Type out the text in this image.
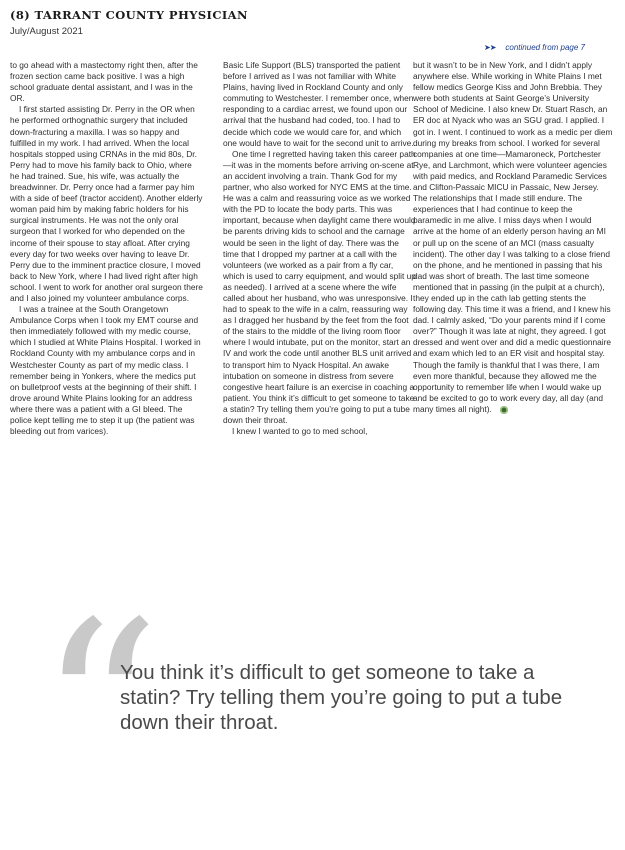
(8) TARRANT COUNTY PHYSICIAN
July/August 2021
➤➤ continued from page 7

to go ahead with a mastectomy right then, after the frozen section came back positive. I was a high school graduate dental assistant, and I was in the OR.

I first started assisting Dr. Perry in the OR when he performed orthognathic surgery that included down-fracturing a maxilla. I was so happy and fulfilled in my work. I had arrived. When the local hospitals stopped using CRNAs in the mid 80s, Dr. Perry had to move his family back to Ohio, where he had trained. Sue, his wife, was actually the breadwinner. Dr. Perry once had a farmer pay him with a side of beef (tractor accident). Another elderly woman paid him by making fabric holders for his surgical instruments. He was not the only oral surgeon that I worked for who depended on the income of their spouse to stay afloat. After crying every day for two weeks over having to leave Dr. Perry due to the imminent practice closure, I moved back to New York, where I had lived right after high school. I went to work for another oral surgeon there and I also joined my volunteer ambulance corps.

I was a trainee at the South Orangetown Ambulance Corps when I took my EMT course and then immediately followed with my medic course, which I studied at White Plains Hospital. I worked in Rockland County with my ambulance corps and in Westchester County as part of my medic class. I remember being in Yonkers, where the medics put on bulletproof vests at the beginning of their shift. I drove around White Plains looking for an address where there was a patient with a GI bleed. The police kept telling me to step it up (the patient was bleeding out from varices).

Basic Life Support (BLS) transported the patient before I arrived as I was not familiar with White Plains, having lived in Rockland County and only commuting to Westchester. I remember once, when responding to a cardiac arrest, we found upon our arrival that the husband had coded, too. I had to decide which code we would care for, and which one would have to wait for the second unit to arrive.

One time I regretted having taken this career path—it was in the moments before arriving on-scene at an accident involving a train. Thank God for my partner, who also worked for NYC EMS at the time. He was a calm and reassuring voice as we worked with the PD to locate the body parts. This was important, because when daylight came there would be parents driving kids to school and the carnage would be seen in the light of day. There was the time that I dropped my partner at a call with the volunteers (we worked as a pair from a fly car, which is used to carry equipment, and would split up as needed). I arrived at a scene where the wife called about her husband, who was unresponsive. I had to speak to the wife in a calm, reassuring way as I dragged her husband by the feet from the foot of the stairs to the middle of the living room floor where I would intubate, put on the monitor, start an IV and work the code until another BLS unit arrived to transport him to Nyack Hospital. An awake intubation on someone in distress from severe congestive heart failure is an exercise in coaching a patient. You think it’s difficult to get someone to take a statin? Try telling them you’re going to put a tube down their throat.

I knew I wanted to go to med school,

but it wasn’t to be in New York, and I didn’t apply anywhere else. While working in White Plains I met fellow medics George Kiss and John Brebbia. They were both students at Saint George’s University School of Medicine. I also knew Dr. Stuart Rasch, an ER doc at Nyack who was an SGU grad. I applied. I got in. I went. I continued to work as a medic per diem during my breaks from school. I worked for several companies at one time—Mamaroneck, Portchester Rye, and Larchmont, which were volunteer agencies with paid medics, and Rockland Paramedic Services and Clifton-Passaic MICU in Passaic, New Jersey. The relationships that I made still endure. The experiences that I had continue to keep the paramedic in me alive. I miss days when I would arrive at the home of an elderly person having an MI or pull up on the scene of an MCI (mass casualty incident). The other day I was talking to a close friend on the phone, and he mentioned in passing that his dad was short of breath. The last time someone mentioned that in passing (in the pulpit at a church), they ended up in the cath lab getting stents the following day. This time it was a friend, and I knew his dad. I calmly asked, “Do your parents mind if I come over?” Though it was late at night, they agreed. I got dressed and went over and did a medic questionnaire and exam which led to an ER visit and hospital stay. Though the family is thankful that I was there, I am even more thankful, because they allowed me the opportunity to remember life when I would wake up and be excited to go to work every day, all day (and many times all night).

“
You think it’s difficult to get someone to take a statin? Try telling them you’re going to put a tube down their throat.
